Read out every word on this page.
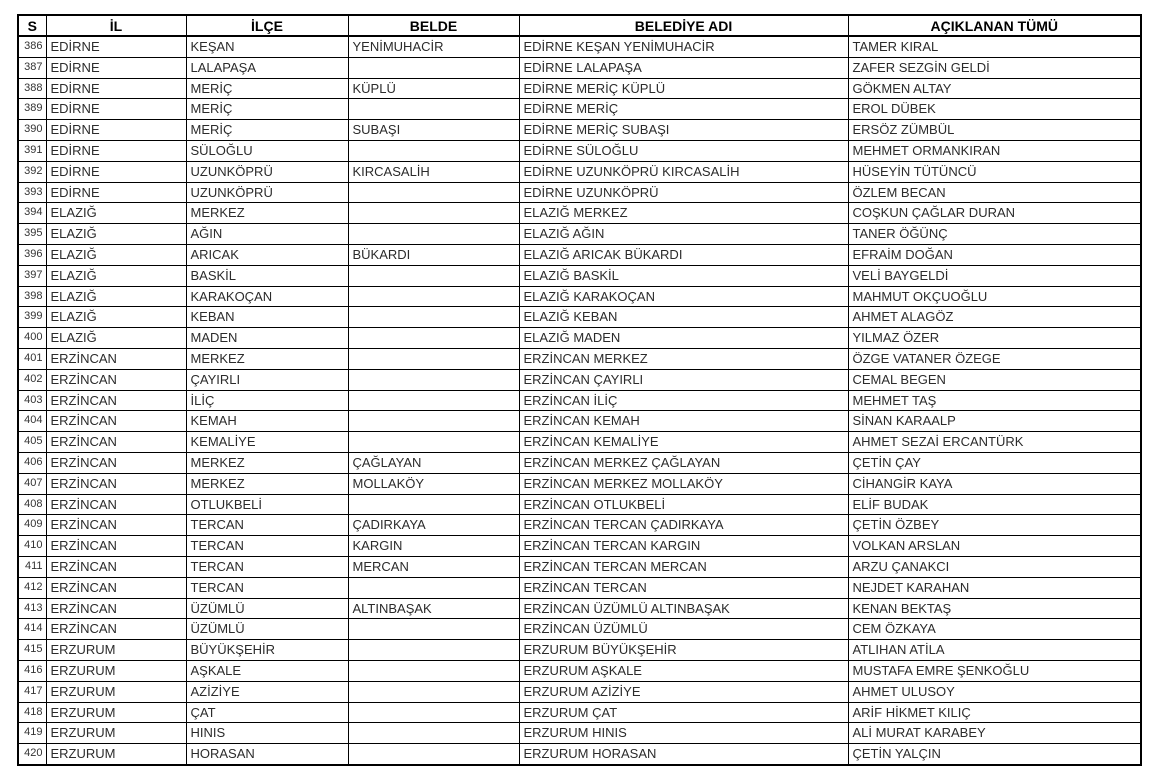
S	İL	İLÇE	BELDE	BELEDİYE ADI	AÇIKLANAN TÜMÜ
386	EDİRNE	KEŞAN	YENİMUHACİR	EDİRNE KEŞAN YENİMUHACİR	TAMER KIRAL
387	EDİRNE	LALAPAŞA		EDİRNE LALAPAŞA	ZAFER SEZGİN GELDİ
388	EDİRNE	MERİÇ	KÜPLÜ	EDİRNE MERİÇ KÜPLÜ	GÖKMEN ALTAY
389	EDİRNE	MERİÇ		EDİRNE MERİÇ	EROL DÜBEK
390	EDİRNE	MERİÇ	SUBAŞI	EDİRNE MERİÇ SUBAŞI	ERSÖZ ZÜMBÜL
391	EDİRNE	SÜLOĞLU		EDİRNE SÜLOĞLU	MEHMET ORMANKIRAN
392	EDİRNE	UZUNKÖPRÜ	KIRCASALİH	EDİRNE UZUNKÖPRÜ KIRCASALİH	HÜSEYİN TÜTÜNCÜ
393	EDİRNE	UZUNKÖPRÜ		EDİRNE UZUNKÖPRÜ	ÖZLEM BECAN
394	ELAZIĞ	MERKEZ		ELAZIĞ MERKEZ	COŞKUN ÇAĞLAR DURAN
395	ELAZIĞ	AĞIN		ELAZIĞ AĞIN	TANER ÖĞÜNÇ
396	ELAZIĞ	ARICAK	BÜKARDI	ELAZIĞ ARICAK BÜKARDI	EFRAİM DOĞAN
397	ELAZIĞ	BASKİL		ELAZIĞ BASKİL	VELİ BAYGELDİ
398	ELAZIĞ	KARAKOÇAN		ELAZIĞ KARAKOÇAN	MAHMUT OKÇUOĞLU
399	ELAZIĞ	KEBAN		ELAZIĞ KEBAN	AHMET ALAGÖZ
400	ELAZIĞ	MADEN		ELAZIĞ MADEN	YILMAZ ÖZER
401	ERZİNCAN	MERKEZ		ERZİNCAN MERKEZ	ÖZGE VATANER ÖZEGE
402	ERZİNCAN	ÇAYIRLI		ERZİNCAN ÇAYIRLI	CEMAL BEGEN
403	ERZİNCAN	İLİÇ		ERZİNCAN İLİÇ	MEHMET TAŞ
404	ERZİNCAN	KEMAH		ERZİNCAN KEMAH	SİNAN KARAALP
405	ERZİNCAN	KEMALİYE		ERZİNCAN KEMALİYE	AHMET SEZAİ ERCANTÜRK
406	ERZİNCAN	MERKEZ	ÇAĞLAYAN	ERZİNCAN MERKEZ ÇAĞLAYAN	ÇETİN ÇAY
407	ERZİNCAN	MERKEZ	MOLLAKÖY	ERZİNCAN MERKEZ MOLLAKÖY	CİHANGİR KAYA
408	ERZİNCAN	OTLUKBELİ		ERZİNCAN OTLUKBELİ	ELİF BUDAK
409	ERZİNCAN	TERCAN	ÇADIRKAYA	ERZİNCAN TERCAN ÇADIRKAYA	ÇETİN ÖZBEY
410	ERZİNCAN	TERCAN	KARGIN	ERZİNCAN TERCAN KARGIN	VOLKAN ARSLAN
411	ERZİNCAN	TERCAN	MERCAN	ERZİNCAN TERCAN MERCAN	ARZU ÇANAKCI
412	ERZİNCAN	TERCAN		ERZİNCAN TERCAN	NEJDET KARAHAN
413	ERZİNCAN	ÜZÜMLÜ	ALTINBAŞAK	ERZİNCAN ÜZÜMLÜ ALTINBAŞAK	KENAN BEKTAŞ
414	ERZİNCAN	ÜZÜMLÜ		ERZİNCAN ÜZÜMLÜ	CEM ÖZKAYA
415	ERZURUM	BÜYÜKŞEHİR		ERZURUM BÜYÜKŞEHİR	ATLIHAN ATİLA
416	ERZURUM	AŞKALE		ERZURUM AŞKALE	MUSTAFA EMRE ŞENKOĞLU
417	ERZURUM	AZİZİYE		ERZURUM AZİZİYE	AHMET ULUSOY
418	ERZURUM	ÇAT		ERZURUM ÇAT	ARİF HİKMET KILIÇ
419	ERZURUM	HINIS		ERZURUM HINIS	ALİ MURAT KARABEY
420	ERZURUM	HORASAN		ERZURUM HORASAN	ÇETİN YALÇIN
